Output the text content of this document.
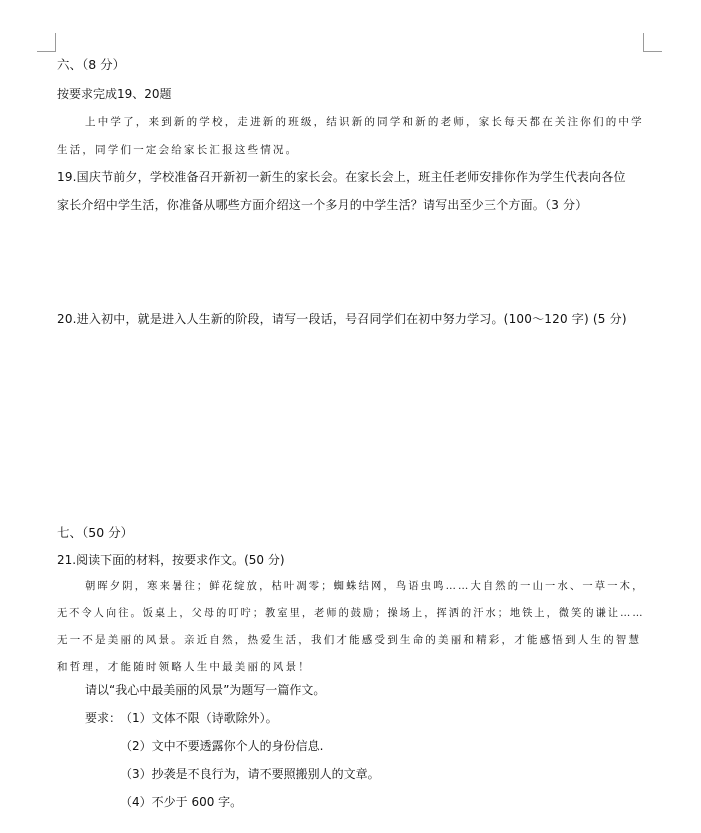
六、（8 分）
按要求完成19、20题
上中学了，来到新的学校，走进新的班级，结识新的同学和新的老师，家长每天都在关注你们的中学
生活，同学们一定会给家长汇报这些情况。
19.国庆节前夕，学校准备召开新初一新生的家长会。在家长会上，班主任老师安排你作为学生代表向各位
家长介绍中学生活，你准备从哪些方面介绍这一个多月的中学生活？请写出至少三个方面。（3 分）
20.进入初中，就是进入人生新的阶段，请写一段话，号召同学们在初中努力学习。(100～120 字) (5 分)
七、（50 分）
21.阅读下面的材料，按要求作文。(50 分)
朝晖夕阴，寒来暑往；鲜花绽放，枯叶凋零；蜘蛛结网，鸟语虫鸣……大自然的一山一水、一草一木，
无不令人向往。饭桌上，父母的叮咛；教室里，老师的鼓励；操场上，挥洒的汗水；地铁上，微笑的谦让……
无一不是美丽的风景。亲近自然，热爱生活，我们才能感受到生命的美丽和精彩，才能感悟到人生的智慧
和哲理，才能随时领略人生中最美丽的风景！
请以“我心中最美丽的风景”为题写一篇作文。
要求：
（1）文体不限（诗歌除外）。
（2）文中不要透露你个人的身份信息.
（3）抄袭是不良行为，请不要照搬别人的文章。
（4）不少于 600 字。
